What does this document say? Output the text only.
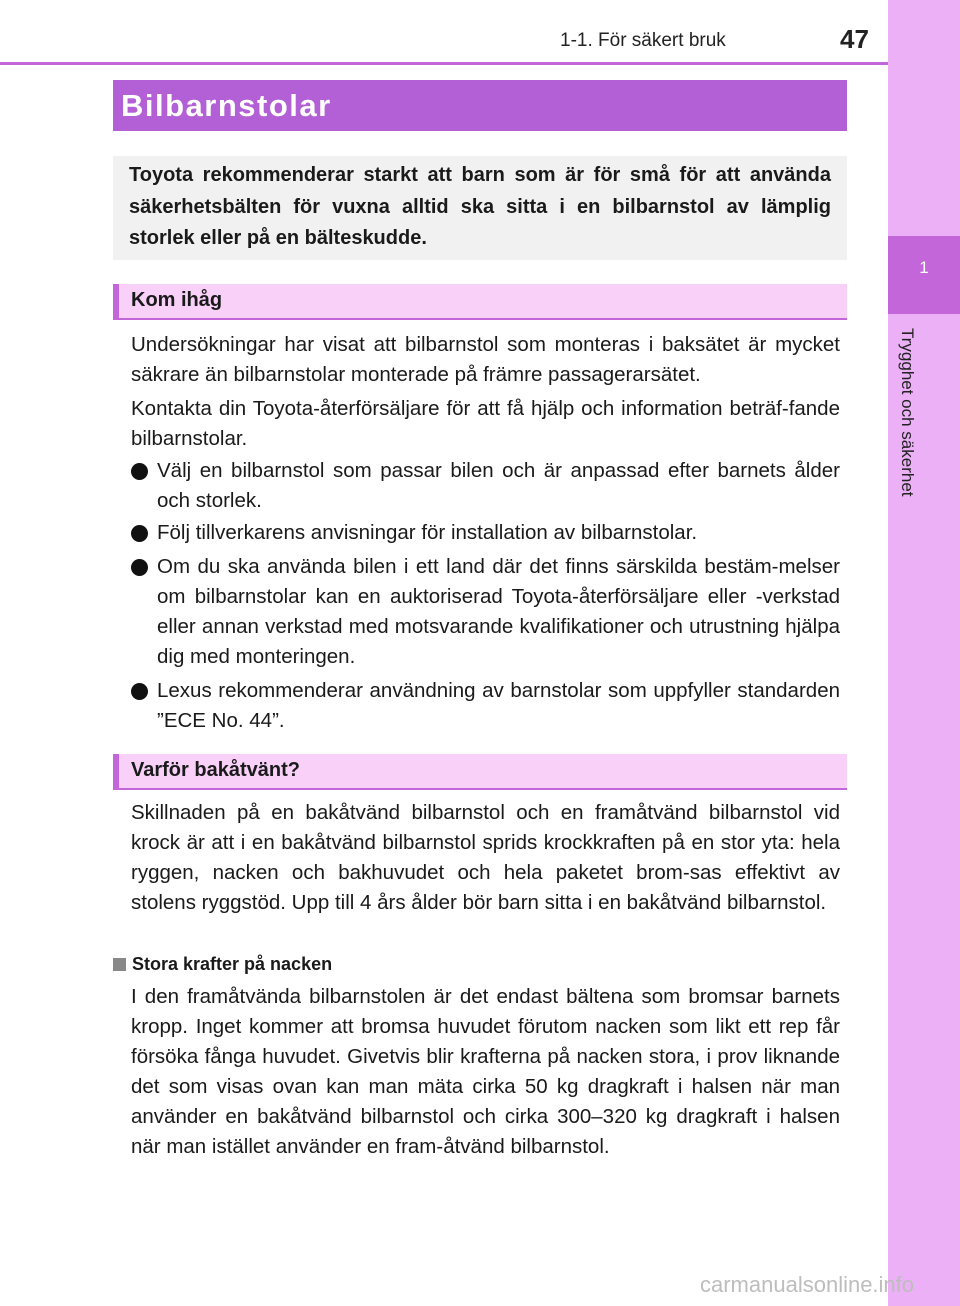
1-1. För säkert bruk	47
1
Trygghet och säkerhet
Bilbarnstolar

Toyota rekommenderar starkt att barn som är för små för att använda säkerhetsbälten för vuxna alltid ska sitta i en bilbarnstol av lämplig storlek eller på en bälteskudde.

Kom ihåg

Undersökningar har visat att bilbarnstol som monteras i baksätet är mycket säkrare än bilbarnstolar monterade på främre passagerarsätet.

Kontakta din Toyota-återförsäljare för att få hjälp och information beträf-fande bilbarnstolar.

Välj en bilbarnstol som passar bilen och är anpassad efter barnets ålder och storlek.
Följ tillverkarens anvisningar för installation av bilbarnstolar.
Om du ska använda bilen i ett land där det finns särskilda bestäm-melser om bilbarnstolar kan en auktoriserad Toyota-återförsäljare eller -verkstad eller annan verkstad med motsvarande kvalifikationer och utrustning hjälpa dig med monteringen.
Lexus rekommenderar användning av barnstolar som uppfyller standarden ”ECE No. 44”.
Varför bakåtvänt?

Skillnaden på en bakåtvänd bilbarnstol och en framåtvänd bilbarnstol vid krock är att i en bakåtvänd bilbarnstol sprids krockkraften på en stor yta: hela ryggen, nacken och bakhuvudet och hela paketet brom-sas effektivt av stolens ryggstöd. Upp till 4 års ålder bör barn sitta i en bakåtvänd bilbarnstol.

Stora krafter på nacken

I den framåtvända bilbarnstolen är det endast bältena som bromsar barnets kropp. Inget kommer att bromsa huvudet förutom nacken som likt ett rep får försöka fånga huvudet. Givetvis blir krafterna på nacken stora, i prov liknande det som visas ovan kan man mäta cirka 50 kg dragkraft i halsen när man använder en bakåtvänd bilbarnstol och cirka 300–320 kg dragkraft i halsen när man istället använder en fram-åtvänd bilbarnstol.

carmanualsonline.info
